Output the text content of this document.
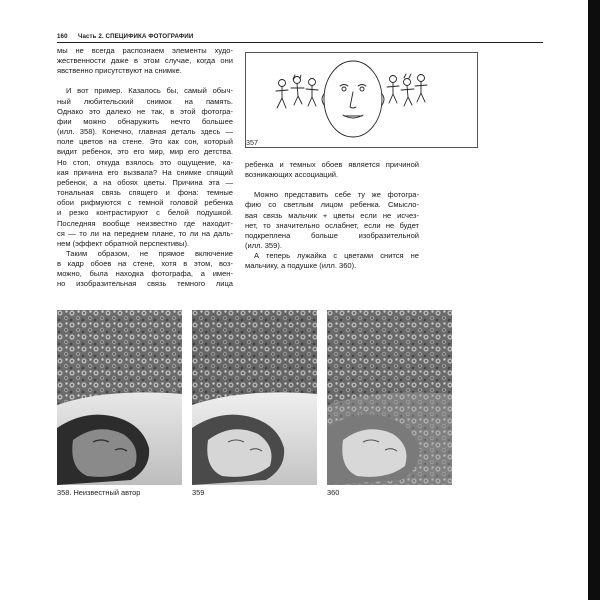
160 Часть 2. СПЕЦИФИКА ФОТОГРАФИИ

мы не всегда распознаем элементы худо-
жественности даже в этом случае, когда они
явственно присутствуют на снимке.

И вот пример. Казалось бы, самый обыч-
ный любительский снимок на память.
Однако это далеко не так, в этой фотогра-
фии можно обнаружить нечто большее
(илл. 358). Конечно, главная деталь здесь —
поле цветов на стене. Это как сон, который
видит ребенок, это его мир, мир его детства.
Но стоп, откуда взялось это ощущение, ка-
кая причина его вызвала? На снимке спящий
ребенок, а на обоях цветы. Причина эта —
тональная связь спящего и фона: темные
обои рифмуются с темной головой ребенка
и резко контрастируют с белой подушкой.
Последняя вообще неизвестно где находит-
ся — то ли на переднем плане, то ли на даль-
нем (эффект обратной перспективы).

Таким образом, не прямое включение
в кадр обоев на стене, хотя в этом, воз-
можно, была находка фотографа, а имен-
но изобразительная связь темного лица

357

ребенка и темных обоев является причиной
возникающих ассоциаций.

Можно представить себе ту же фотогра-
фию со светлым лицом ребенка. Смысло-
вая связь мальчик + цветы если не исчез-
нет, то значительно ослабнет, если не будет
подкреплена больше изобразительной
(илл. 359).

А теперь лужайка с цветами снится не
мальчику, а подушке (илл. 360).

358. Неизвестный автор	359	360
